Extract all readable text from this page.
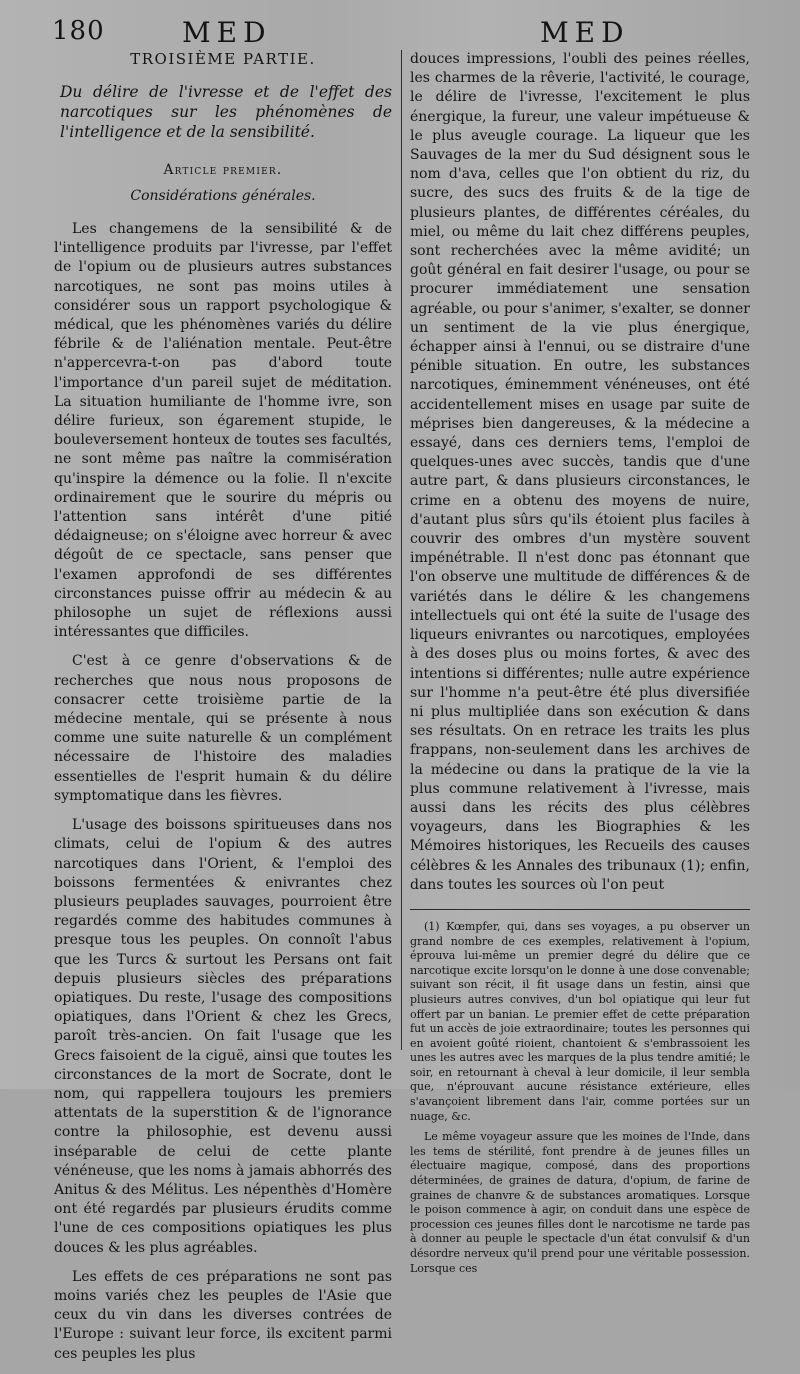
180	MED	MED
TROISIÈME PARTIE.
Du délire de l'ivresse et de l'effet des narcotiques sur les phénomènes de l'intelligence et de la sensibilité.
Article premier.
Considérations générales.

Les changemens de la sensibilité & de l'intelligence produits par l'ivresse, par l'effet de l'opium ou de plusieurs autres substances narcotiques, ne sont pas moins utiles à considérer sous un rapport psychologique & médical, que les phénomènes variés du délire fébrile & de l'aliénation mentale. Peut-être n'appercevra-t-on pas d'abord toute l'importance d'un pareil sujet de méditation. La situation humiliante de l'homme ivre, son délire furieux, son égarement stupide, le bouleversement honteux de toutes ses facultés, ne sont même pas naître la commisération qu'inspire la démence ou la folie. Il n'excite ordinairement que le sourire du mépris ou l'attention sans intérêt d'une pitié dédaigneuse; on s'éloigne avec horreur & avec dégoût de ce spectacle, sans penser que l'examen approfondi de ses différentes circonstances puisse offrir au médecin & au philosophe un sujet de réflexions aussi intéressantes que difficiles.

C'est à ce genre d'observations & de recherches que nous nous proposons de consacrer cette troisième partie de la médecine mentale, qui se présente à nous comme une suite naturelle & un complément nécessaire de l'histoire des maladies essentielles de l'esprit humain & du délire symptomatique dans les fièvres.

L'usage des boissons spiritueuses dans nos climats, celui de l'opium & des autres narcotiques dans l'Orient, & l'emploi des boissons fermentées & enivrantes chez plusieurs peuplades sauvages, pourroient être regardés comme des habitudes communes à presque tous les peuples. On connoît l'abus que les Turcs & surtout les Persans ont fait depuis plusieurs siècles des préparations opiatiques. Du reste, l'usage des compositions opiatiques, dans l'Orient & chez les Grecs, paroît très-ancien. On fait l'usage que les Grecs faisoient de la ciguë, ainsi que toutes les circonstances de la mort de Socrate, dont le nom, qui rappellera toujours les premiers attentats de la superstition & de l'ignorance contre la philosophie, est devenu aussi inséparable de celui de cette plante vénéneuse, que les noms à jamais abhorrés des Anitus & des Mélitus. Les népenthès d'Homère ont été regardés par plusieurs érudits comme l'une de ces compositions opiatiques les plus douces & les plus agréables.

Les effets de ces préparations ne sont pas moins variés chez les peuples de l'Asie que ceux du vin dans les diverses contrées de l'Europe : suivant leur force, ils excitent parmi ces peuples les plus

douces impressions, l'oubli des peines réelles, les charmes de la rêverie, l'activité, le courage, le délire de l'ivresse, l'excitement le plus énergique, la fureur, une valeur impétueuse & le plus aveugle courage. La liqueur que les Sauvages de la mer du Sud désignent sous le nom d'ava, celles que l'on obtient du riz, du sucre, des sucs des fruits & de la tige de plusieurs plantes, de différentes céréales, du miel, ou même du lait chez différens peuples, sont recherchées avec la même avidité; un goût général en fait desirer l'usage, ou pour se procurer immédiatement une sensation agréable, ou pour s'animer, s'exalter, se donner un sentiment de la vie plus énergique, échapper ainsi à l'ennui, ou se distraire d'une pénible situation. En outre, les substances narcotiques, éminemment vénéneuses, ont été accidentellement mises en usage par suite de méprises bien dangereuses, & la médecine a essayé, dans ces derniers tems, l'emploi de quelques-unes avec succès, tandis que d'une autre part, & dans plusieurs circonstances, le crime en a obtenu des moyens de nuire, d'autant plus sûrs qu'ils étoient plus faciles à couvrir des ombres d'un mystère souvent impénétrable. Il n'est donc pas étonnant que l'on observe une multitude de différences & de variétés dans le délire & les changemens intellectuels qui ont été la suite de l'usage des liqueurs enivrantes ou narcotiques, employées à des doses plus ou moins fortes, & avec des intentions si différentes; nulle autre expérience sur l'homme n'a peut-être été plus diversifiée ni plus multipliée dans son exécution & dans ses résultats. On en retrace les traits les plus frappans, non-seulement dans les archives de la médecine ou dans la pratique de la vie la plus commune relativement à l'ivresse, mais aussi dans les récits des plus célèbres voyageurs, dans les Biographies & les Mémoires historiques, les Recueils des causes célèbres & les Annales des tribunaux (1); enfin, dans toutes les sources où l'on peut

(1) Kœmpfer, qui, dans ses voyages, a pu observer un grand nombre de ces exemples, relativement à l'opium, éprouva lui-même un premier degré du délire que ce narcotique excite lorsqu'on le donne à une dose convenable; suivant son récit, il fit usage dans un festin, ainsi que plusieurs autres convives, d'un bol opiatique qui leur fut offert par un banian. Le premier effet de cette préparation fut un accès de joie extraordinaire; toutes les personnes qui en avoient goûté rioient, chantoient & s'embrassoient les unes les autres avec les marques de la plus tendre amitié; le soir, en retournant à cheval à leur domicile, il leur sembla que, n'éprouvant aucune résistance extérieure, elles s'avançoient librement dans l'air, comme portées sur un nuage, &c.

Le même voyageur assure que les moines de l'Inde, dans les tems de stérilité, font prendre à de jeunes filles un électuaire magique, composé, dans des proportions déterminées, de graines de datura, d'opium, de farine de graines de chanvre & de substances aromatiques. Lorsque le poison commence à agir, on conduit dans une espèce de procession ces jeunes filles dont le narcotisme ne tarde pas à donner au peuple le spectacle d'un état convulsif & d'un désordre nerveux qu'il prend pour une véritable possession. Lorsque ces
